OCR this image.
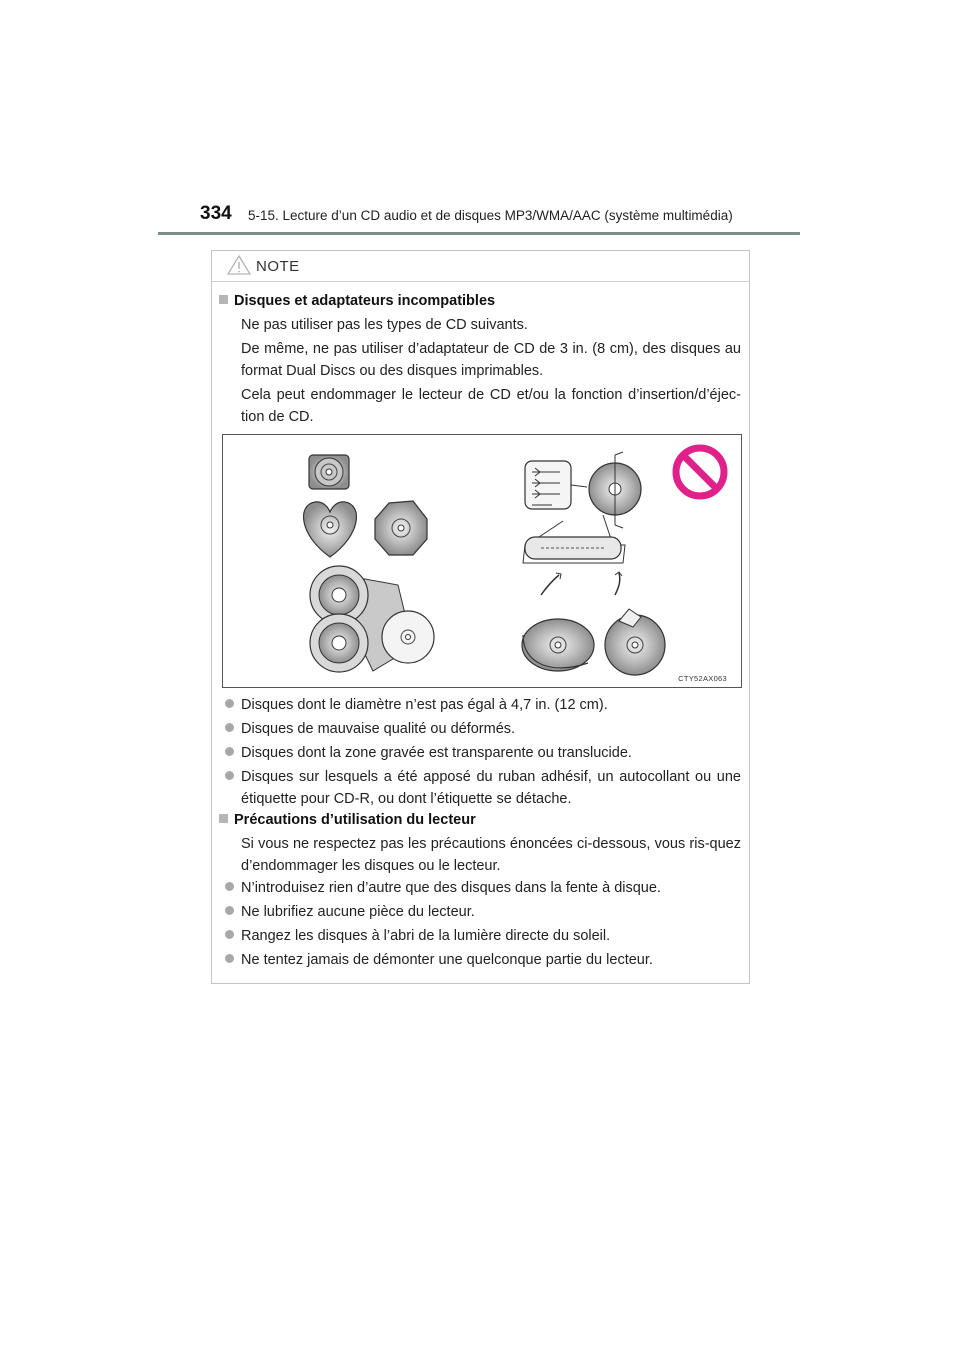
334 5-15. Lecture d’un CD audio et de disques MP3/WMA/AAC (système multimédia)
NOTE
Disques et adaptateurs incompatibles
Ne pas utiliser pas les types de CD suivants.
De même, ne pas utiliser d’adaptateur de CD de 3 in. (8 cm), des disques au format Dual Discs ou des disques imprimables.
Cela peut endommager le lecteur de CD et/ou la fonction d’insertion/d’éjec-tion de CD.
CTY52AX063
Disques dont le diamètre n’est pas égal à 4,7 in. (12 cm).
Disques de mauvaise qualité ou déformés.
Disques dont la zone gravée est transparente ou translucide.
Disques sur lesquels a été apposé du ruban adhésif, un autocollant ou une étiquette pour CD-R, ou dont l’étiquette se détache.
Précautions d’utilisation du lecteur
Si vous ne respectez pas les précautions énoncées ci-dessous, vous ris-quez d’endommager les disques ou le lecteur.
N’introduisez rien d’autre que des disques dans la fente à disque.
Ne lubrifiez aucune pièce du lecteur.
Rangez les disques à l’abri de la lumière directe du soleil.
Ne tentez jamais de démonter une quelconque partie du lecteur.
